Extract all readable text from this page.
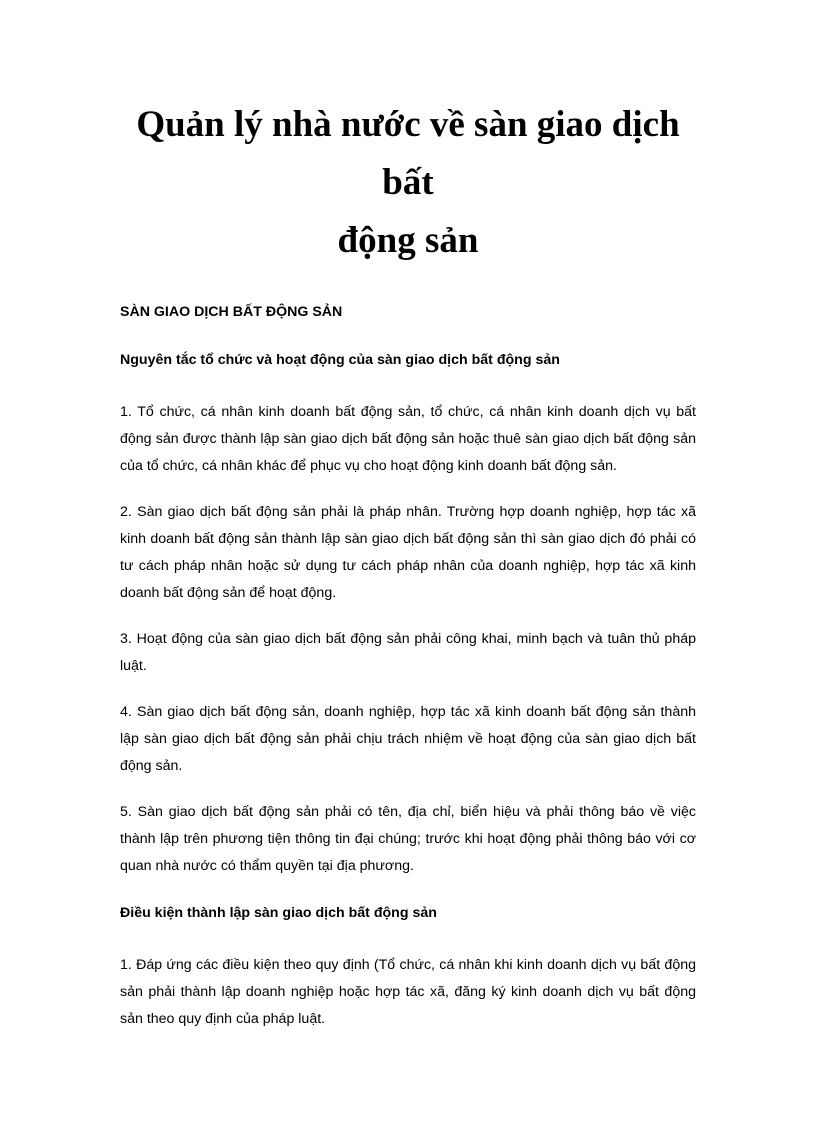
Quản lý nhà nước về sàn giao dịch bất
động sản

SÀN GIAO DỊCH BẤT ĐỘNG SẢN

Nguyên tắc tổ chức và hoạt động của sàn giao dịch bất động sản

1. Tổ chức, cá nhân kinh doanh bất động sản, tổ chức, cá nhân kinh doanh dịch vụ bất động sản được thành lập sàn giao dịch bất động sản hoặc thuê sàn giao dịch bất động sản của tổ chức, cá nhân khác để phục vụ cho hoạt động kinh doanh bất động sản.

2. Sàn giao dịch bất động sản phải là pháp nhân. Trường hợp doanh nghiệp, hợp tác xã kinh doanh bất động sản thành lập sàn giao dịch bất động sản thì sàn giao dịch đó phải có tư cách pháp nhân hoặc sử dụng tư cách pháp nhân của doanh nghiệp, hợp tác xã kinh doanh bất động sản để hoạt động.

3. Hoạt động của sàn giao dịch bất động sản phải công khai, minh bạch và tuân thủ pháp luật.

4. Sàn giao dịch bất động sản, doanh nghiệp, hợp tác xã kinh doanh bất động sản thành lập sàn giao dịch bất động sản phải chịu trách nhiệm về hoạt động của sàn giao dịch bất động sản.

5. Sàn giao dịch bất động sản phải có tên, địa chỉ, biển hiệu và phải thông báo về việc thành lập trên phương tiện thông tin đại chúng; trước khi hoạt động phải thông báo với cơ quan nhà nước có thẩm quyền tại địa phương.

Điều kiện thành lập sàn giao dịch bất động sản

1. Đáp ứng các điều kiện theo quy định (Tổ chức, cá nhân khi kinh doanh dịch vụ bất động sản phải thành lập doanh nghiệp hoặc hợp tác xã, đăng ký kinh doanh dịch vụ bất động sản theo quy định của pháp luật.
